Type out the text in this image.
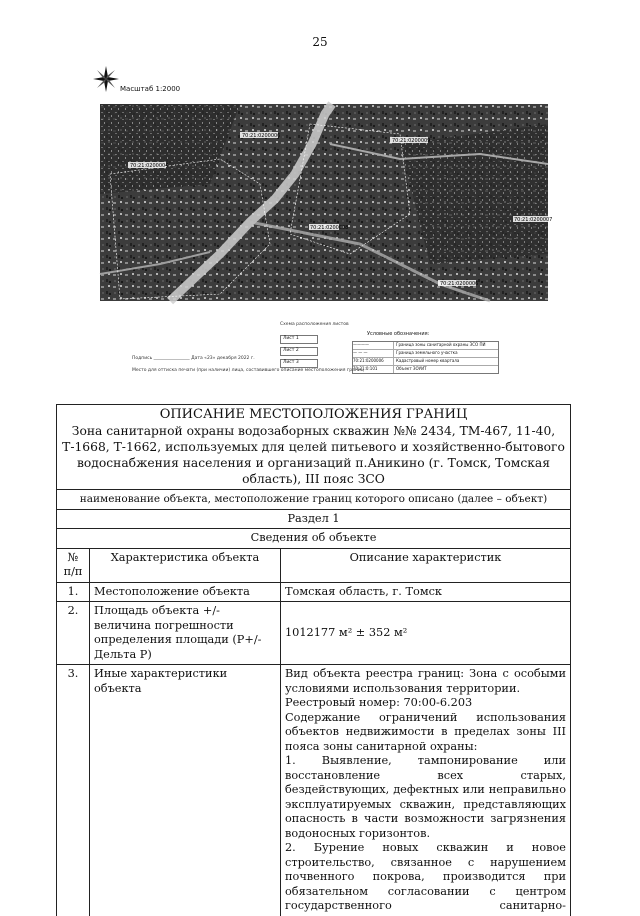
25
Масштаб 1:2000
70:21:0200006
70:21:0200009
70:21:0200004
70:21:0200008
70:21:0200007
70:21:0200006
Схема расположения листов
Лист 1
Лист 2
Лист 3
Условные обозначения:
————	Граница зоны санитарной охраны ЗСО ПИ
— — —	Граница земельного участка
70:21:0200006	Кадастровый номер квартала
70:21:0:101	Объект ЗОУИТ
Подпись ________________ Дата «23» декабря 2022 г.
Место для оттиска печати (при наличии) лица, составившего описание местоположения границ
ОПИСАНИЕ МЕСТОПОЛОЖЕНИЯ ГРАНИЦ
Зона санитарной охраны водозаборных скважин №№ 2434, ТМ-467, 11-40, Т-1668, Т-1662, используемых для целей питьевого и хозяйственно-бытового водоснабжения населения и организаций п.Аникино (г. Томск, Томская область), III пояс ЗСО		

наименование объекта, местоположение границ которого описано (далее – объект)		
Раздел 1		
Сведения об объекте		
№ п/п	Характеристика объекта	Описание характеристик
1.	Местоположение объекта	Томская область, г. Томск
2.	Площадь объекта +/- величина погрешности определения площади (P+/- Дельта P)	1012177 м² ± 352 м²
3.	Иные характеристики объекта	Вид объекта реестра границ: Зона с особыми условиями использования территории.
Реестровый номер: 70:00-6.203
Содержание ограничений использования объектов недвижимости в пределах зоны III пояса зоны санитарной охраны:
1. Выявление, тампонирование или восстановление всех старых, бездействующих, дефектных или неправильно эксплуатируемых скважин, представляющих опасность в части возможности загрязнения водоносных горизонтов.
2. Бурение новых скважин и новое строительство, связанное с нарушением почвенного покрова, производится при обязательном согласовании с центром государственного санитарно-
